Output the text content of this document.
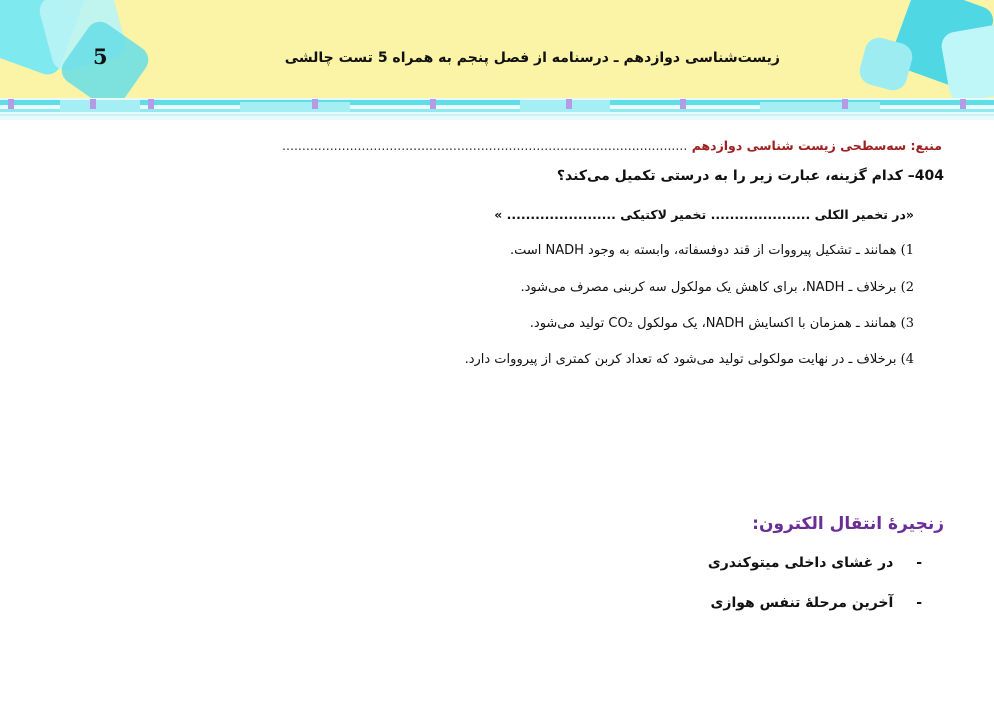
5	زیست‌شناسی دوازدهم ـ درسنامه از فصل پنجم به همراه 5 تست چالشی
منبع: سه‌سطحی زیست شناسی دوازدهم ......................................................................................................
404– کدام گزینه، عبارت زیر را به درستی تکمیل می‌کند؟
«در تخمیر الکلی ..................... تخمیر لاکتیکی ....................... »
1) همانند ـ تشکیل پیرووات از قند دوفسفاته، وابسته به وجود NADH است.
2) برخلاف ـ NADH، برای کاهش یک مولکول سه کربنی مصرف می‌شود.
3) همانند ـ همزمان با اکسایش NADH، یک مولکول CO₂ تولید می‌شود.
4) برخلاف ـ در نهایت مولکولی تولید می‌شود که تعداد کربن کمتری از پیرووات دارد.
زنجیرۀ انتقال الکترون:
- در غشای داخلی میتوکندری
- آخرین مرحلۀ تنفس هوازی
